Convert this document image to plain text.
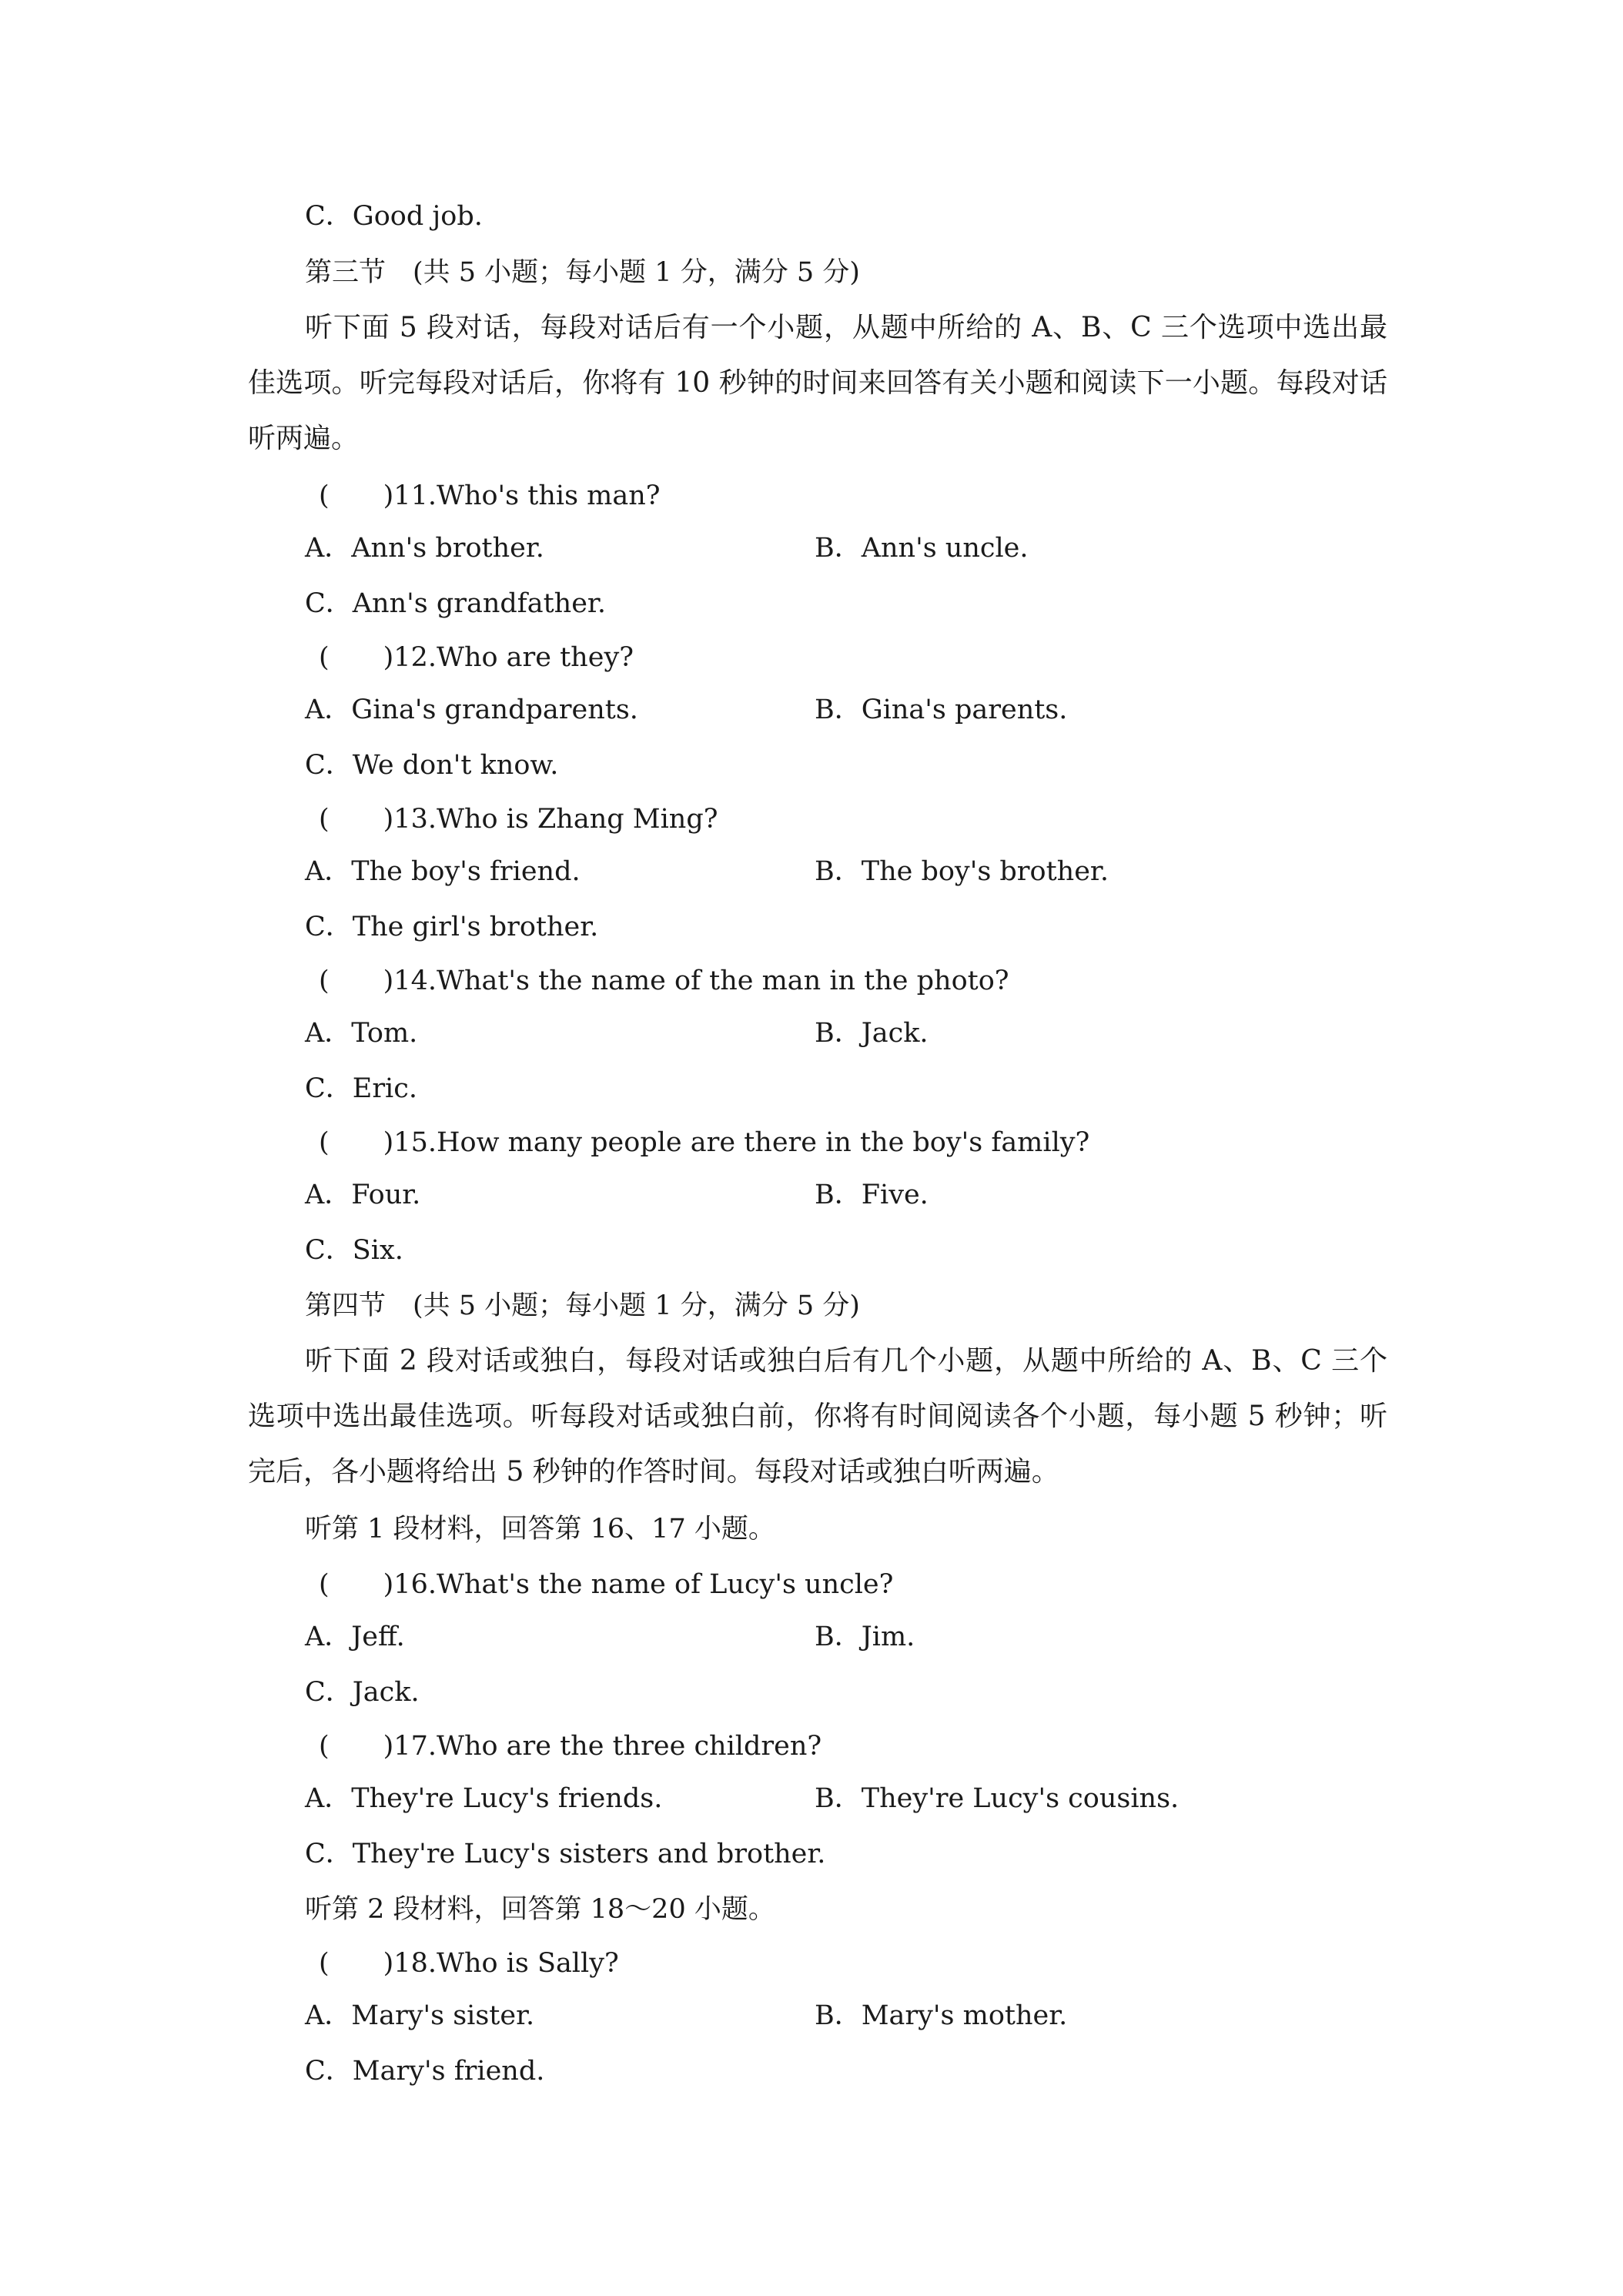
C．Good job.
第三节　(共 5 小题；每小题 1 分，满分 5 分)
听下面 5 段对话，每段对话后有一个小题，从题中所给的 A、B、C 三个选项中选出最佳选项。听完每段对话后，你将有 10 秒钟的时间来回答有关小题和阅读下一小题。每段对话听两遍。
(　　)11.Who's this man?
A．Ann's brother.	B．Ann's uncle.
C．Ann's grandfather.
(　　)12.Who are they?
A．Gina's grandparents.	B．Gina's parents.
C．We don't know.
(　　)13.Who is Zhang Ming?
A．The boy's friend.	B．The boy's brother.
C．The girl's brother.
(　　)14.What's the name of the man in the photo?
A．Tom.	B．Jack.
C．Eric.
(　　)15.How many people are there in the boy's family?
A．Four.	B．Five.
C．Six.
第四节　(共 5 小题；每小题 1 分，满分 5 分)
听下面 2 段对话或独白，每段对话或独白后有几个小题，从题中所给的 A、B、C 三个选项中选出最佳选项。听每段对话或独白前，你将有时间阅读各个小题，每小题 5 秒钟；听完后，各小题将给出 5 秒钟的作答时间。每段对话或独白听两遍。
听第 1 段材料，回答第 16、17 小题。
(　　)16.What's the name of Lucy's uncle?
A．Jeff.	B．Jim.
C．Jack.
(　　)17.Who are the three children?
A．They're Lucy's friends.	B．They're Lucy's cousins.
C．They're Lucy's sisters and brother.
听第 2 段材料，回答第 18～20 小题。
(　　)18.Who is Sally?
A．Mary's sister.	B．Mary's mother.
C．Mary's friend.
